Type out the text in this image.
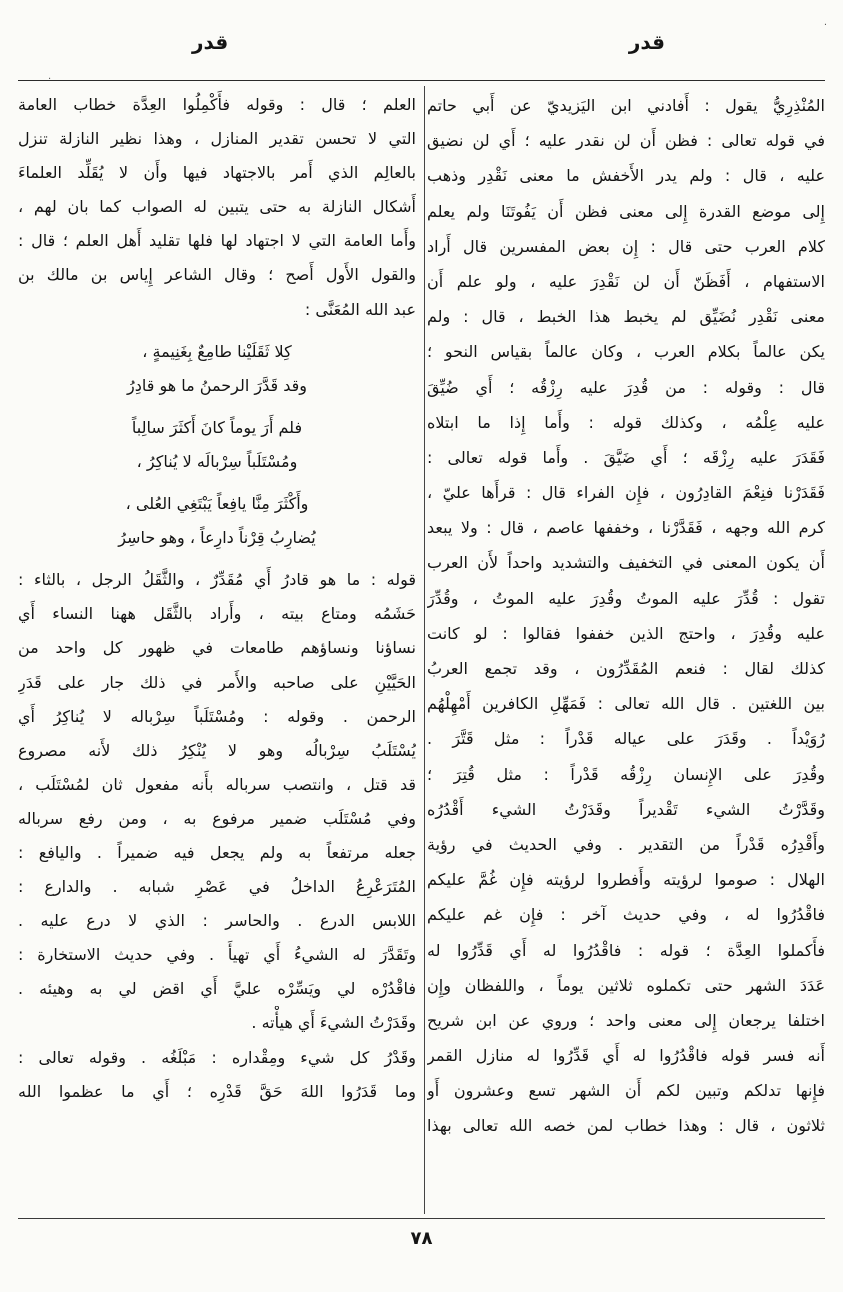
قدر
قدر
·
·
المُنْذِرِيُّ يقول : أَفادني ابن اليَزيديّ عن أَبي حاتم
في قوله تعالى : فظن أَن لن نقدر عليه ؛ أَي لن نضيق
عليه ، قال : ولم يدر الأَخفش ما معنى نَقْدِر وذهب
إِلى موضع القدرة إِلى معنى فظن أَن يَفُوتَنَا ولم يعلم
كلام العرب حتى قال : إِن بعض المفسرين قال أَراد
الاستفهام ، أَفَظَنّ أَن لن نَقْدِرَ عليه ، ولو علم أَن
معنى نَقْدِر نُضَيِّق لم يخبط هذا الخبط ، قال : ولم
يكن عالماً بكلام العرب ، وكان عالماً بقياس النحو ؛
قال : وقوله : من قُدِرَ عليه رِزْقُه ؛ أَي ضُيِّقَ
عليه عِلْمُه ، وكذلك قوله : وأَما إِذا ما ابتلاه
فَقَدَرَ عليه رِزْقَه ؛ أَي ضَيَّقَ . وأَما قوله تعالى :
فَقَدَرْنا فنِعْمَ القادِرُون ، فإِن الفراء قال : قرأَها عليّ ،
كرم الله وجهه ، فَقَدَّرْنا ، وخففها عاصم ، قال : ولا يبعد
أَن يكون المعنى في التخفيف والتشديد واحداً لأَن العرب
تقول : قُدِّرَ عليه الموتُ وقُدِرَ عليه الموتُ ، وقُدِّرَ
عليه وقُدِرَ ، واحتج الذين خففوا فقالوا : لو كانت
كذلك لقال : فنعم المُقَدِّرُون ، وقد تجمع العربُ
بين اللغتين . قال الله تعالى : فَمَهِّلِ الكافرين أَمْهِلْهُم
رُوَيْداً . وقَدَرَ على عياله قَدْراً : مثل قَتَّرَ .
وقُدِرَ على الإِنسان رِزْقُه قَدْراً : مثل قُتِرَ ؛
وقَدَّرْتُ الشيء تَقْديراً وقَدَرْتُ الشيء أَقْدُرُه
وأَقْدِرُه قَدْراً من التقدير . وفي الحديث في رؤية
الهلال : صوموا لرؤيته وأَفطروا لرؤيته فإِن غُمَّ عليكم
فاقْدُرُوا له ، وفي حديث آخر : فإِن غم عليكم
فأَكملوا العِدَّة ؛ قوله : فاقْدُرُوا له أَي قَدِّرُوا له
عَدَدَ الشهر حتى تكملوه ثلاثين يوماً ، واللفظان وإِن
اختلفا يرجعان إِلى معنى واحد ؛ وروي عن ابن شريح
أَنه فسر قوله فاقْدُرُوا له أَي قَدِّرُوا له منازل القمر
فإِنها تدلكم وتبين لكم أَن الشهر تسع وعشرون أَو
ثلاثون ، قال : وهذا خطاب لمن خصه الله تعالى بهذا
العلم ؛ قال : وقوله فأَكْمِلُوا العِدَّة خطاب العامة
التي لا تحسن تقدير المنازل ، وهذا نظير النازلة تنزل
بالعالِم الذي أَمر بالاجتهاد فيها وأَن لا يُقَلِّد العلماءَ
أَشكال النازلة به حتى يتبين له الصواب كما بان لهم ،
وأَما العامة التي لا اجتهاد لها فلها تقليد أَهل العلم ؛ قال :
والقول الأَول أَصح ؛ وقال الشاعر إِياس بن مالك بن
عبد الله المُعَنَّى :
كِلا ثَقَلَيْنا طامِعٌ بِغَنِيمةٍ ،
وقد قَدَّرَ الرحمنُ ما هو قادِرُ
فلم أَرَ يوماً كانَ أَكثَرَ سالِباً
ومُسْتَلَباً سِرْبالَه لا يُناكِرُ ،
وأَكْثَرَ مِنَّا يافِعاً يَبْتَغِي العُلى ،
يُضارِبُ قِرْناً دارِعاً ، وهو حاسِرُ
قوله : ما هو قادرُ أَي مُقَدِّرٌ ، والثَّقَلُ الرجل ، بالثاء :
حَشَمُه ومتاع بيته ، وأَراد بالثَّقَل ههنا النساء أَي
نساؤنا ونساؤهم طامعات في ظهور كل واحد من
الحَيَّيْنِ على صاحبه والأَمر في ذلك جار على قَدَرِ
الرحمن . وقوله : ومُسْتَلَباً سِرْباله لا يُناكِرُ أَي
يُسْتَلَبُ سِرْبالُه وهو لا يُنْكِرُ ذلك لأَنه مصروع
قد قتل ، وانتصب سرباله بأَنه مفعول ثان لمُسْتَلَب ،
وفي مُسْتَلَب ضمير مرفوع به ، ومن رفع سرباله
جعله مرتفعاً به ولم يجعل فيه ضميراً . واليافع :
المُتَرَعْرِعُ الداخلُ في عَصْرِ شبابه . والدارع :
اللابس الدرع . والحاسر : الذي لا درع عليه .
وتَقَدَّرَ له الشيءُ أَي تهيأَ . وفي حديث الاستخارة :
فاقْدُرْه لي ويَسِّرْه عليَّ أَي اقض لي به وهيئه .
وقَدَرْتُ الشيءَ أَي هيأْته .
وقَدْرُ كل شيء ومِقْداره : مَبْلَغُه . وقوله تعالى :
وما قَدَرُوا اللهَ حَقَّ قَدْرِه ؛ أَي ما عظموا الله
٧٨
